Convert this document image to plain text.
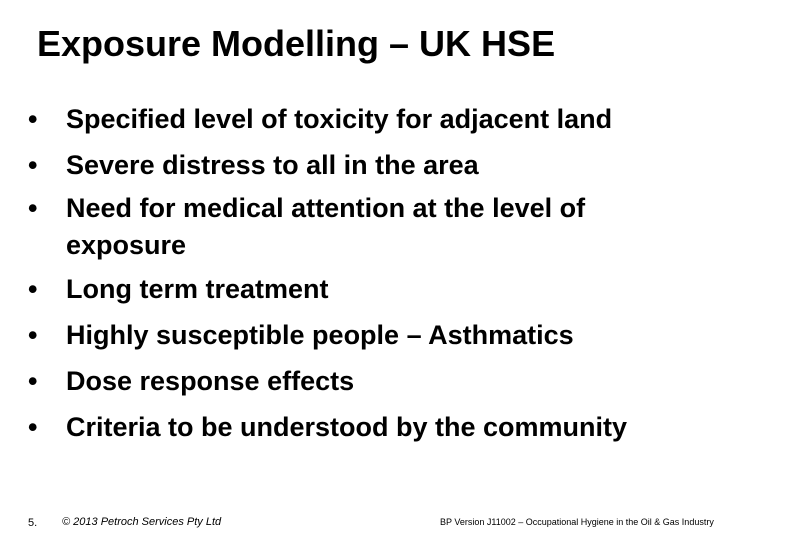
Exposure Modelling – UK HSE
• Specified level of toxicity for adjacent land
• Severe distress to all in the area
• Need for medical attention at the level of exposure
• Long term treatment
• Highly susceptible people – Asthmatics
• Dose response effects
• Criteria to be understood by the community
5. © 2013 Petroch Services Pty Ltd	BP Version J11002 – Occupational Hygiene in the Oil & Gas Industry
